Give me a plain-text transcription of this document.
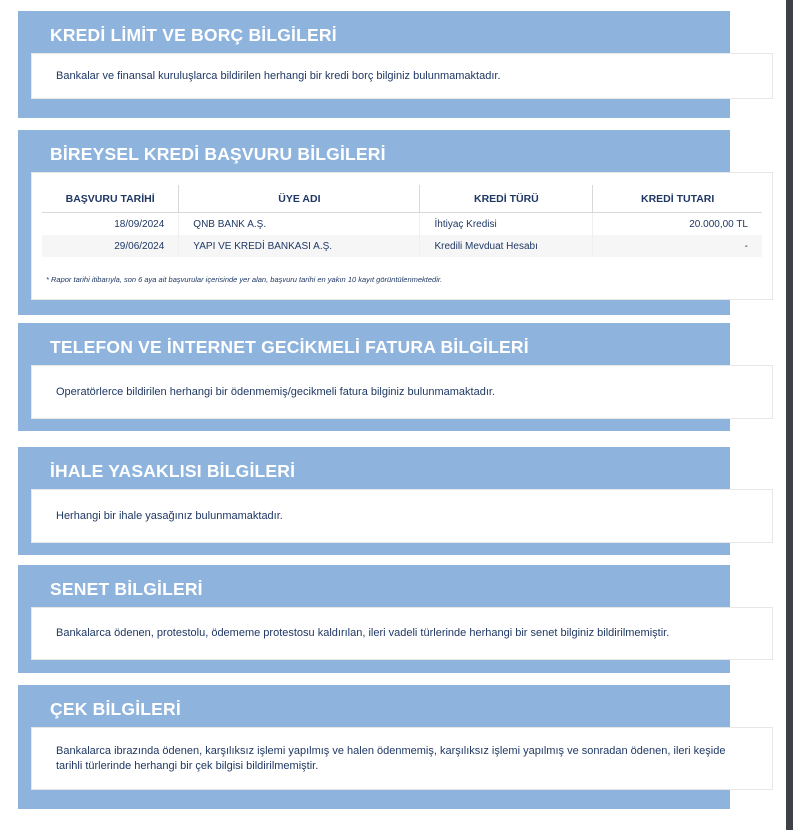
KREDİ LİMİT VE BORÇ BİLGİLERİ
Bankalar ve finansal kuruluşlarca bildirilen herhangi bir kredi borç bilginiz bulunmamaktadır.
BİREYSEL KREDİ BAŞVURU BİLGİLERİ
BAŞVURU TARİHİ	ÜYE ADI	KREDİ TÜRÜ	KREDİ TUTARI
18/09/2024	QNB BANK A.Ş.	İhtiyaç Kredisi	20.000,00 TL
29/06/2024	YAPI VE KREDİ BANKASI A.Ş.	Kredili Mevduat Hesabı	-
* Rapor tarihi itibarıyla, son 6 aya ait başvurular içerisinde yer alan, başvuru tarihi en yakın 10 kayıt görüntülenmektedir.
TELEFON VE İNTERNET GECİKMELİ FATURA BİLGİLERİ
Operatörlerce bildirilen herhangi bir ödenmemiş/gecikmeli fatura bilginiz bulunmamaktadır.
İHALE YASAKLISI BİLGİLERİ
Herhangi bir ihale yasağınız bulunmamaktadır.
SENET BİLGİLERİ
Bankalarca ödenen, protestolu, ödememe protestosu kaldırılan, ileri vadeli türlerinde herhangi bir senet bilginiz bildirilmemiştir.
ÇEK BİLGİLERİ
Bankalarca ibrazında ödenen, karşılıksız işlemi yapılmış ve halen ödenmemiş, karşılıksız işlemi yapılmış ve sonradan ödenen, ileri keşide tarihli türlerinde herhangi bir çek bilgisi bildirilmemiştir.
